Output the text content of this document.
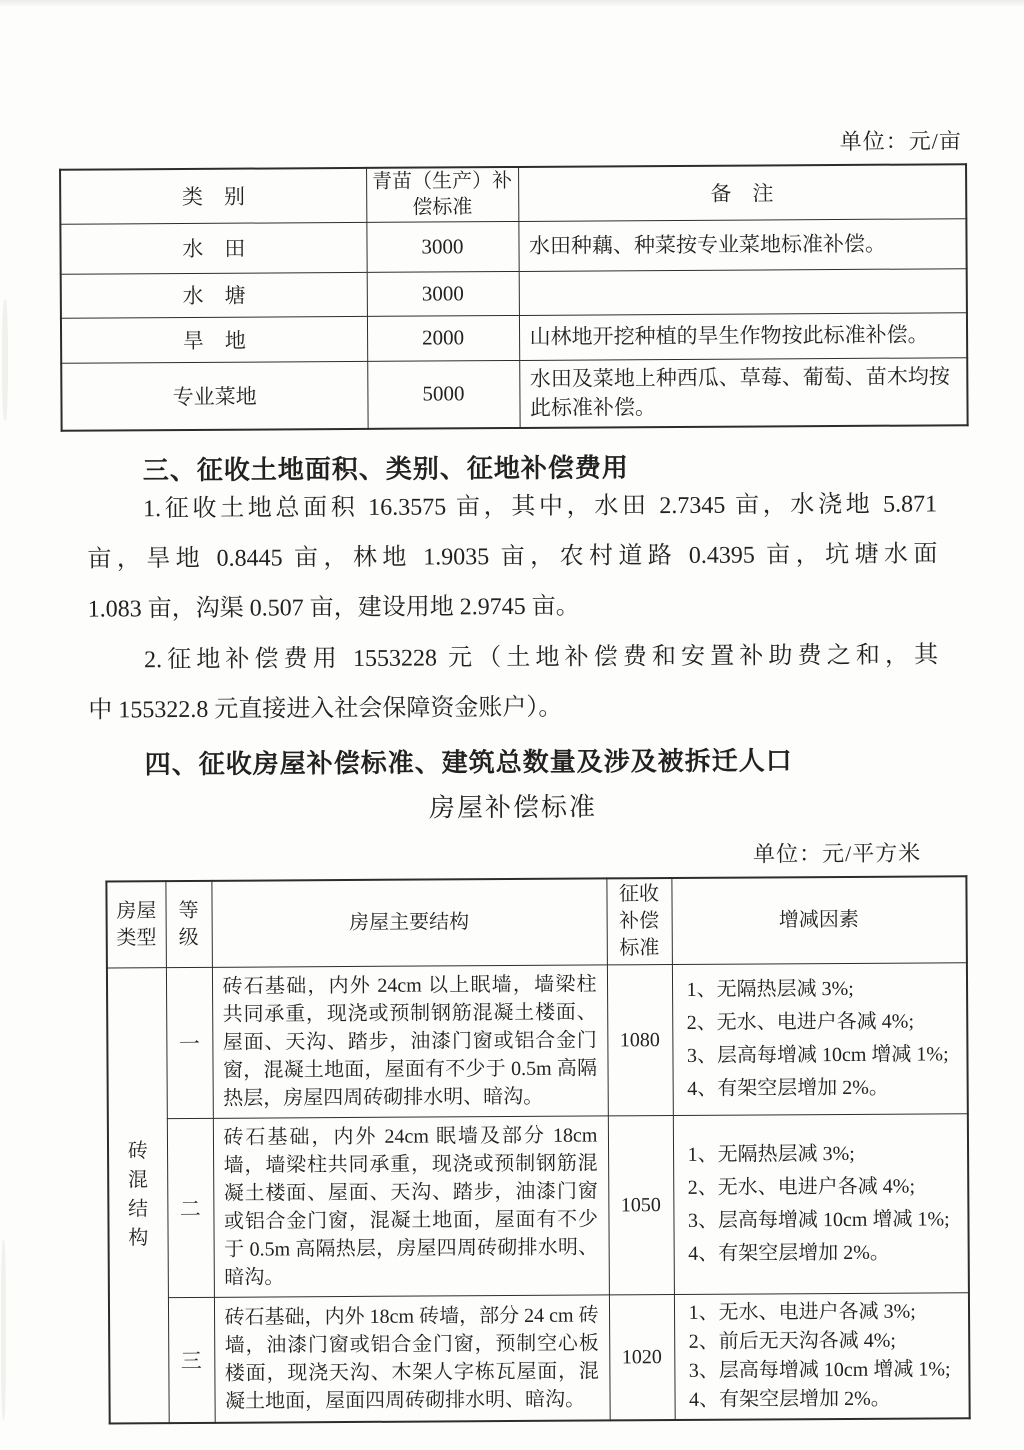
单位：元/亩
类　别	青苗（生产）补偿标准	备　注
水　田	3000	水田种藕、种菜按专业菜地标准补偿。
水　塘	3000	
旱　地	2000	山林地开挖种植的旱生作物按此标准补偿。
专业菜地	5000	水田及菜地上种西瓜、草莓、葡萄、苗木均按此标准补偿。
三、征收土地面积、类别、征地补偿费用
1.征收土地总面积 16.3575 亩，其中，水田 2.7345 亩，水浇地 5.871
亩，旱地 0.8445 亩，林地 1.9035 亩，农村道路 0.4395 亩，坑塘水面
1.083 亩，沟渠 0.507 亩，建设用地 2.9745 亩。
2.征地补偿费用 1553228 元（土地补偿费和安置补助费之和，其
中 155322.8 元直接进入社会保障资金账户）。
四、征收房屋补偿标准、建筑总数量及涉及被拆迁人口
房屋补偿标准
单位：元/平方米
房屋类型	等级	房屋主要结构	征收补偿标准	增减因素

砖混结构	一	砖石基础，内外 24cm 以上眠墙，墙梁柱共同承重，现浇或预制钢筋混凝土楼面、屋面、天沟、踏步，油漆门窗或铝合金门窗，混凝土地面，屋面有不少于 0.5m 高隔热层，房屋四周砖砌排水明、暗沟。	1080	1、无隔热层减 3%;
2、无水、电进户各减 4%;
3、层高每增减 10cm 增减 1%;
4、有架空层增加 2%。

	二	砖石基础，内外 24cm 眠墙及部分 18cm 墙，墙梁柱共同承重，现浇或预制钢筋混凝土楼面、屋面、天沟、踏步，油漆门窗或铝合金门窗，混凝土地面，屋面有不少于 0.5m 高隔热层，房屋四周砖砌排水明、暗沟。	1050	1、无隔热层减 3%;
2、无水、电进户各减 4%;
3、层高每增减 10cm 增减 1%;
4、有架空层增加 2%。

	三	砖石基础，内外 18cm 砖墙，部分 24 cm 砖墙，油漆门窗或铝合金门窗，预制空心板楼面，现浇天沟、木架人字栋瓦屋面，混凝土地面，屋面四周砖砌排水明、暗沟。	1020	1、无水、电进户各减 3%;
2、前后无天沟各减 4%;
3、层高每增减 10cm 增减 1%;
4、有架空层增加 2%。
